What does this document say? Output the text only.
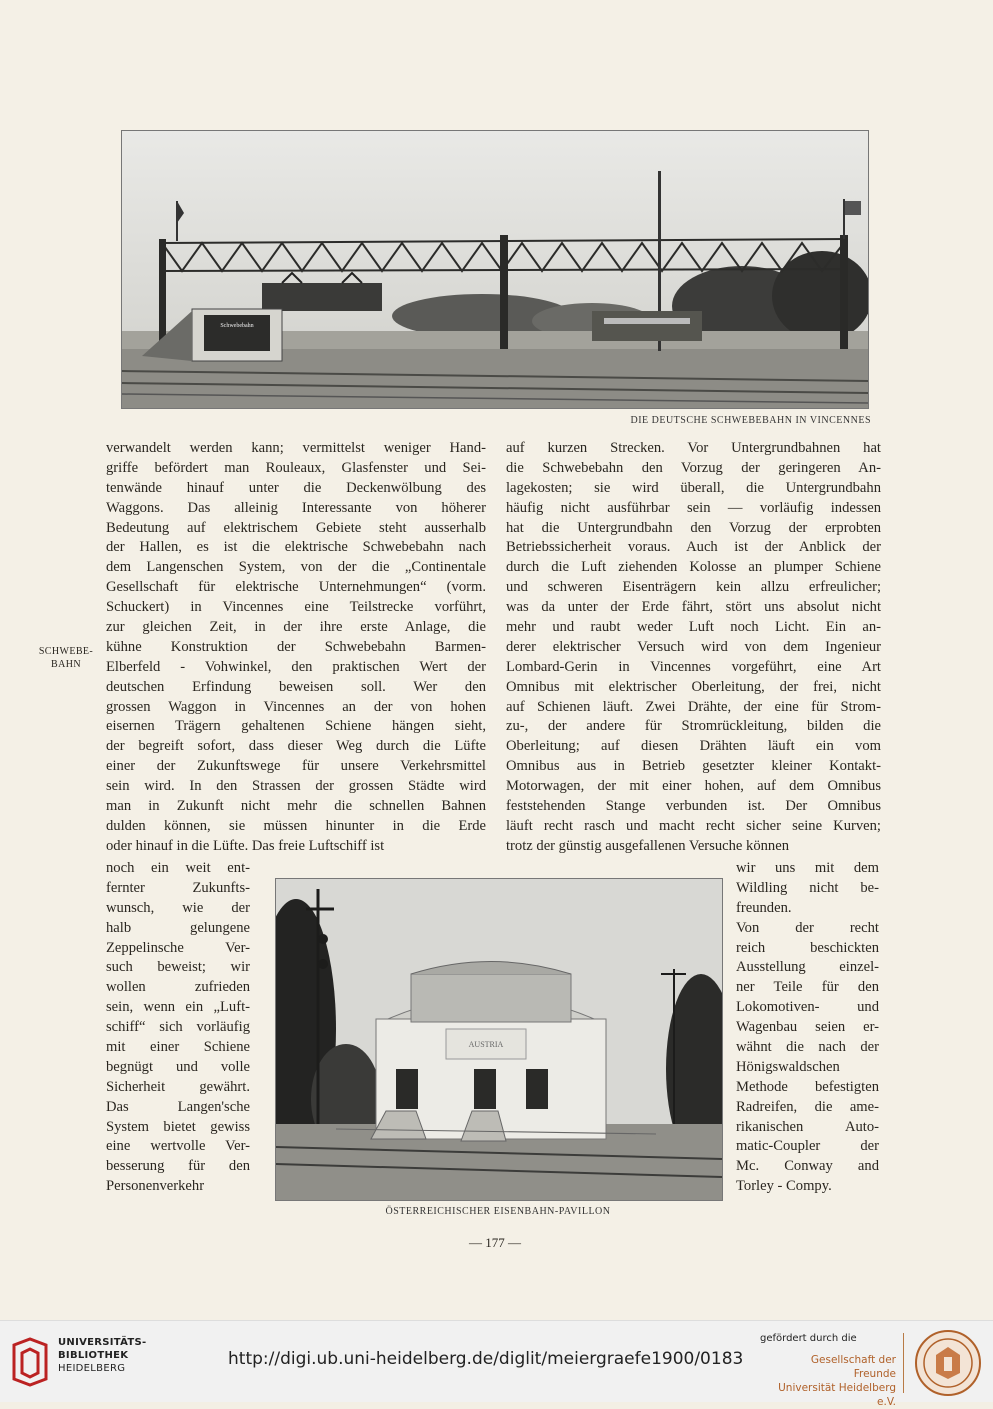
Schwebebahn
DIE DEUTSCHE SCHWEBEBAHN IN VINCENNES
verwandelt werden kann; vermittelst weniger Hand-
griffe befördert man Rouleaux, Glasfenster und Sei-
tenwände hinauf unter die Deckenwölbung des
Waggons. Das alleinig Interessante von höherer
Bedeutung auf elektrischem Gebiete steht ausserhalb
der Hallen, es ist die elektrische Schwebebahn nach
dem Langenschen System, von der die „Continentale
Gesellschaft für elektrische Unternehmungen“ (vorm.
Schuckert) in Vincennes eine Teilstrecke vorführt,
zur gleichen Zeit, in der ihre erste Anlage, die
kühne Konstruktion der Schwebebahn Barmen-
Elberfeld - Vohwinkel, den praktischen Wert der
deutschen Erfindung beweisen soll. Wer den
grossen Waggon in Vincennes an der von hohen
eisernen Trägern gehaltenen Schiene hängen sieht,
der begreift sofort, dass dieser Weg durch die Lüfte
einer der Zukunftswege für unsere Verkehrsmittel
sein wird. In den Strassen der grossen Städte wird
man in Zukunft nicht mehr die schnellen Bahnen
dulden können, sie müssen hinunter in die Erde
oder hinauf in die Lüfte. Das freie Luftschiff ist
auf kurzen Strecken. Vor Untergrundbahnen hat
die Schwebebahn den Vorzug der geringeren An-
lagekosten; sie wird überall, die Untergrundbahn
häufig nicht ausführbar sein — vorläufig indessen
hat die Untergrundbahn den Vorzug der erprobten
Betriebssicherheit voraus. Auch ist der Anblick der
durch die Luft ziehenden Kolosse an plumper Schiene
und schweren Eisenträgern kein allzu erfreulicher;
was da unter der Erde fährt, stört uns absolut nicht
mehr und raubt weder Luft noch Licht. Ein an-
derer elektrischer Versuch wird von dem Ingenieur
Lombard-Gerin in Vincennes vorgeführt, eine Art
Omnibus mit elektrischer Oberleitung, der frei, nicht
auf Schienen läuft. Zwei Drähte, der eine für Strom-
zu-, der andere für Stromrückleitung, bilden die
Oberleitung; auf diesen Drähten läuft ein vom
Omnibus aus in Betrieb gesetzter kleiner Kontakt-
Motorwagen, der mit einer hohen, auf dem Omnibus
feststehenden Stange verbunden ist. Der Omnibus
läuft recht rasch und macht recht sicher seine Kurven;
trotz der günstig ausgefallenen Versuche können
SCHWEBE-
BAHN
AUSTRIA
ÖSTERREICHISCHER EISENBAHN-PAVILLON
noch ein weit ent-
fernter Zukunfts-
wunsch, wie der
halb gelungene
Zeppelinsche Ver-
such beweist; wir
wollen zufrieden
sein, wenn ein „Luft-
schiff“ sich vorläufig
mit einer Schiene
begnügt und volle
Sicherheit gewährt.
Das Langen'sche
System bietet gewiss
eine wertvolle Ver-
besserung für den
Personenverkehr
wir uns mit dem
Wildling nicht be-
freunden.
Von der recht
reich beschickten
Ausstellung einzel-
ner Teile für den
Lokomotiven- und
Wagenbau seien er-
wähnt die nach der
Hönigswaldschen
Methode befestigten
Radreifen, die ame-
rikanischen Auto-
matic-Coupler der
Mc. Conway and
Torley - Compy.
— 177 —
UNIVERSITÄTS-
BIBLIOTHEK
HEIDELBERG	http://digi.ub.uni-heidelberg.de/diglit/meiergraefe1900/0183
gefördert durch die
Gesellschaft der Freunde
Universität Heidelberg e.V.
